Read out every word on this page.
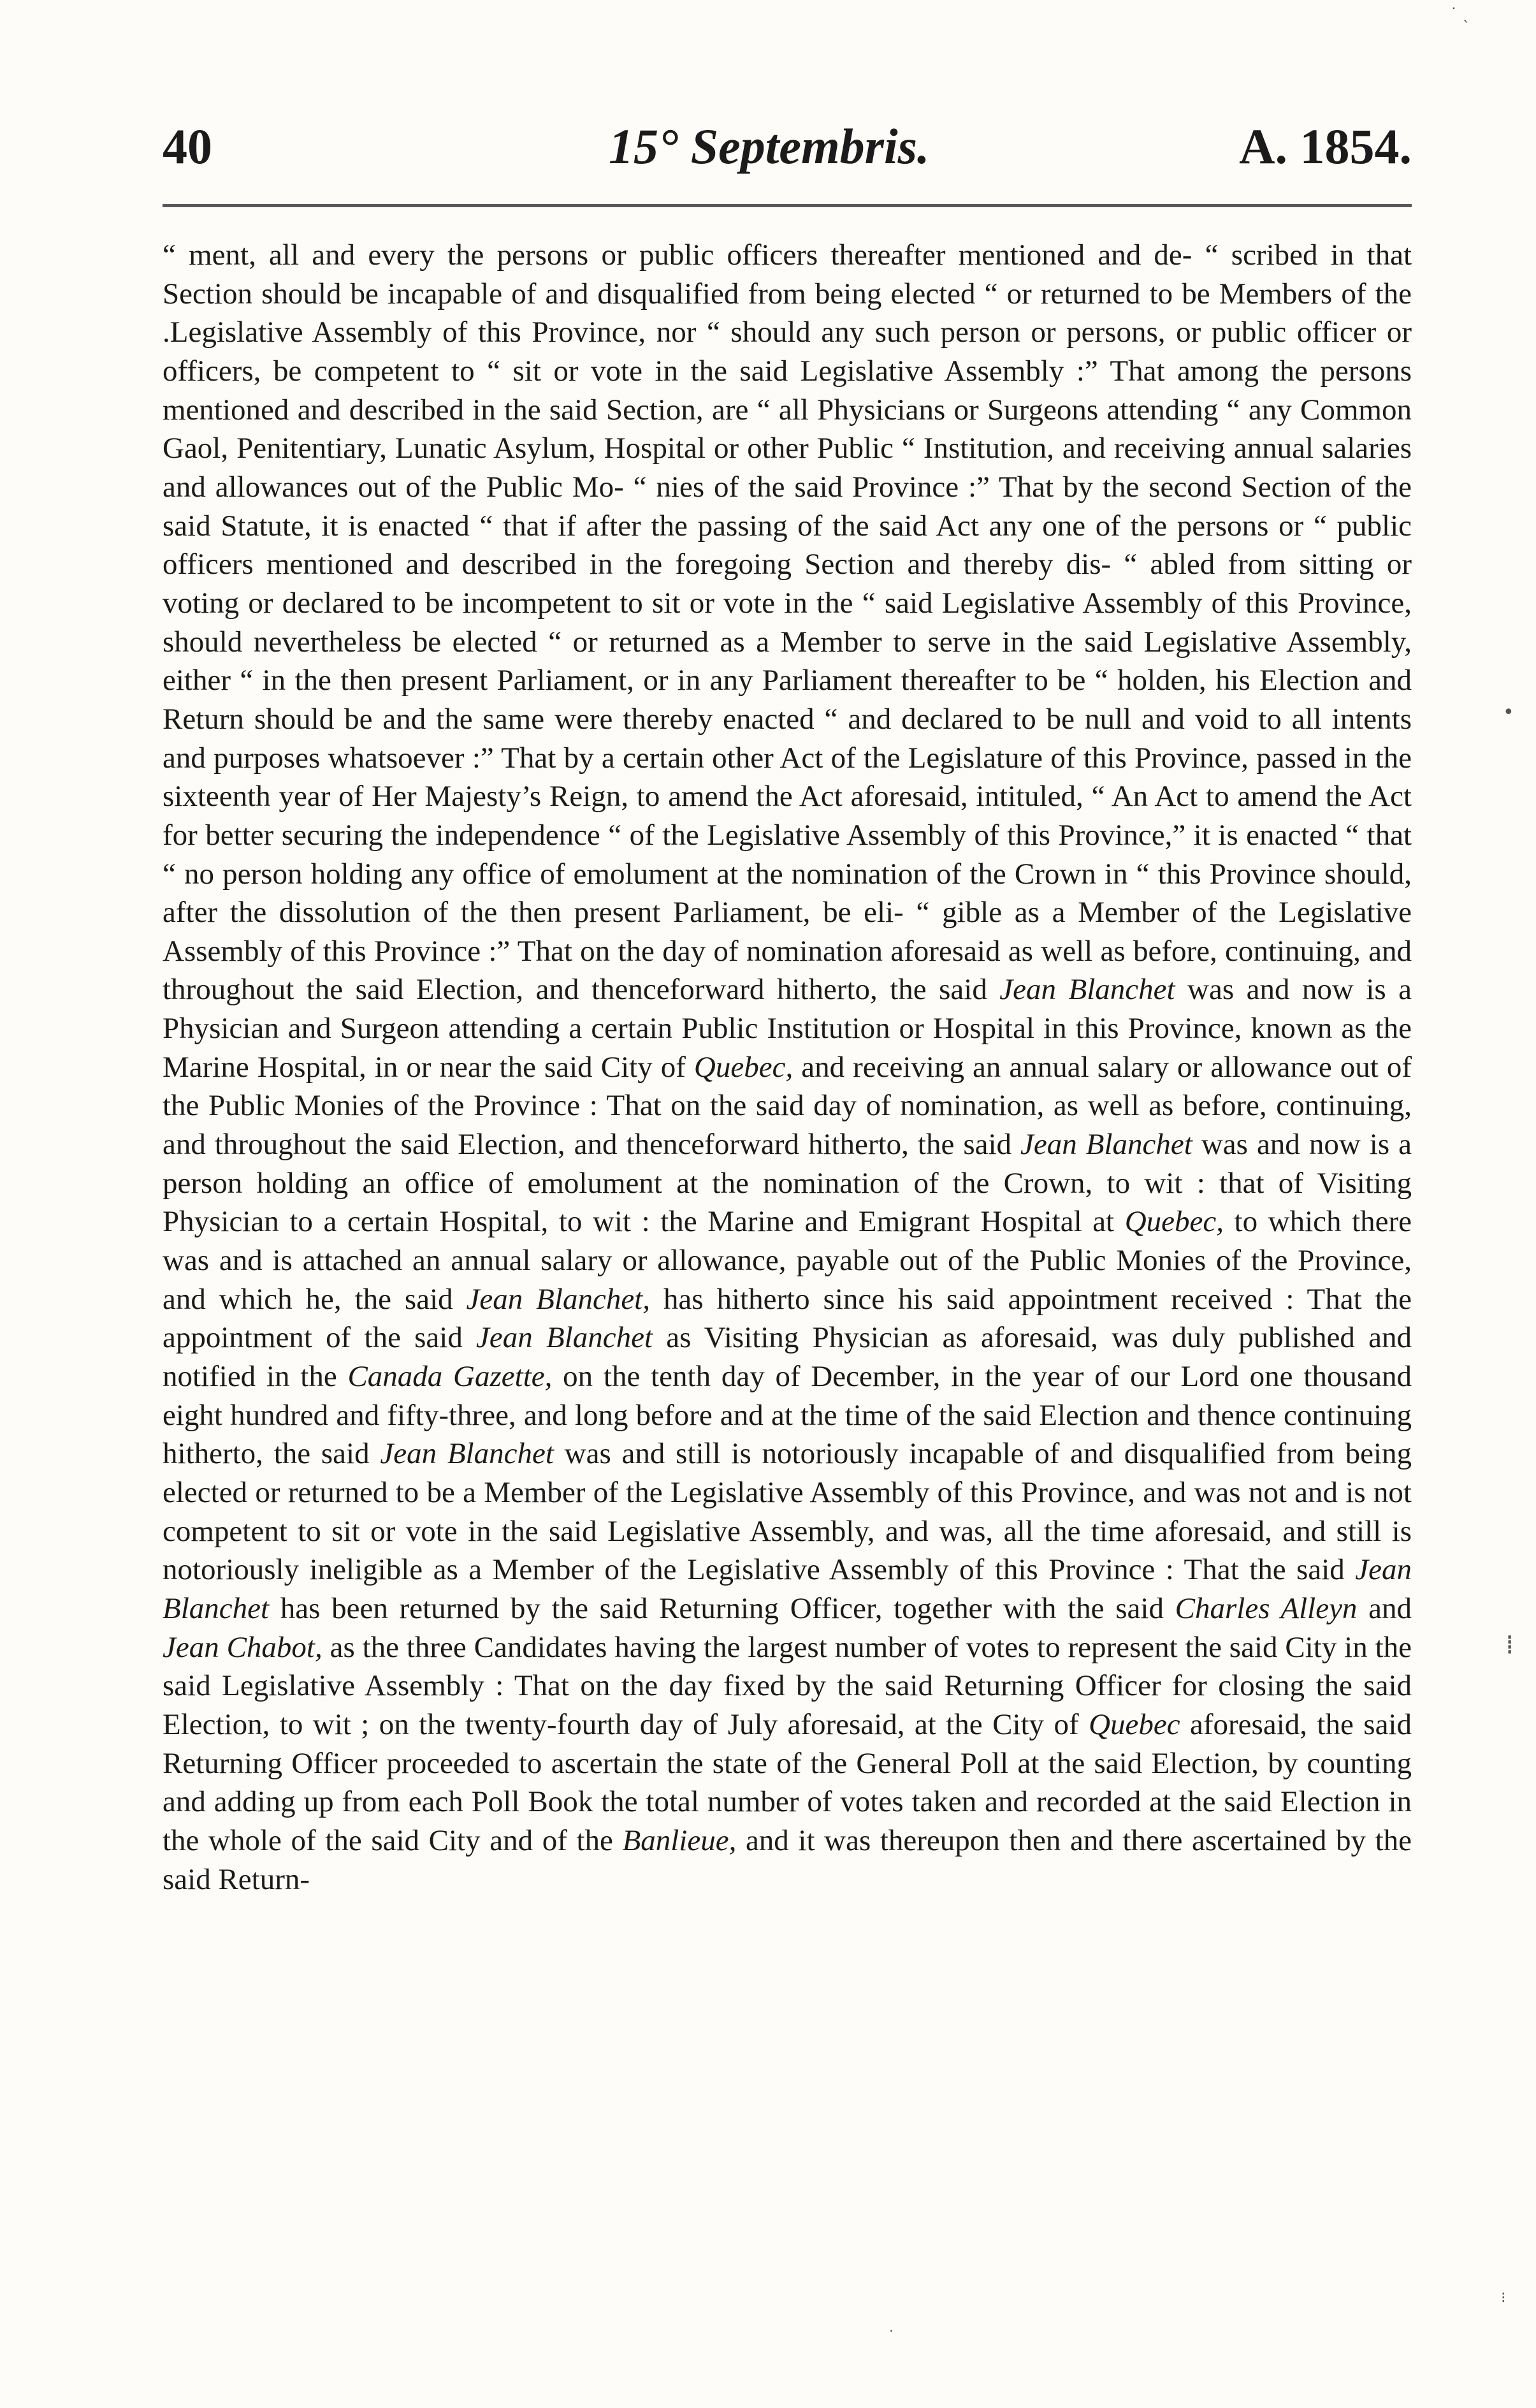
40	15° Septembris.	A. 1854.
“ ment, all and every the persons or public officers thereafter mentioned and de- “ scribed in that Section should be incapable of and disqualified from being elected “ or returned to be Members of the .Legislative Assembly of this Province, nor “ should any such person or persons, or public officer or officers, be competent to “ sit or vote in the said Legislative Assembly :” That among the persons mentioned and described in the said Section, are “ all Physicians or Surgeons attending “ any Common Gaol, Penitentiary, Lunatic Asylum, Hospital or other Public “ Institution, and receiving annual salaries and allowances out of the Public Mo- “ nies of the said Province :” That by the second Section of the said Statute, it is enacted “ that if after the passing of the said Act any one of the persons or “ public officers mentioned and described in the foregoing Section and thereby dis- “ abled from sitting or voting or declared to be incompetent to sit or vote in the “ said Legislative Assembly of this Province, should nevertheless be elected “ or returned as a Member to serve in the said Legislative Assembly, either “ in the then present Parliament, or in any Parliament thereafter to be “ holden, his Election and Return should be and the same were thereby enacted “ and declared to be null and void to all intents and purposes whatsoever :” That by a certain other Act of the Legislature of this Province, passed in the sixteenth year of Her Majesty’s Reign, to amend the Act aforesaid, intituled, “ An Act to amend the Act for better securing the independence “ of the Legislative Assembly of this Province,” it is enacted “ that “ no person holding any office of emolument at the nomination of the Crown in “ this Province should, after the dissolution of the then present Parliament, be eli- “ gible as a Member of the Legislative Assembly of this Province :” That on the day of nomination aforesaid as well as before, continuing, and throughout the said Election, and thenceforward hitherto, the said Jean Blanchet was and now is a Physician and Surgeon attending a certain Public Institution or Hospital in this Province, known as the Marine Hospital, in or near the said City of Quebec, and receiving an annual salary or allowance out of the Public Monies of the Province : That on the said day of nomination, as well as before, continuing, and throughout the said Election, and thenceforward hitherto, the said Jean Blanchet was and now is a person holding an office of emolument at the nomination of the Crown, to wit : that of Visiting Physician to a certain Hospital, to wit : the Marine and Emigrant Hospital at Quebec, to which there was and is attached an annual salary or allowance, payable out of the Public Monies of the Province, and which he, the said Jean Blanchet, has hitherto since his said appointment received : That the appointment of the said Jean Blanchet as Visiting Physician as aforesaid, was duly published and notified in the Canada Gazette, on the tenth day of December, in the year of our Lord one thousand eight hundred and fifty-three, and long before and at the time of the said Election and thence continuing hitherto, the said Jean Blanchet was and still is notoriously incapable of and disqualified from being elected or returned to be a Member of the Legislative Assembly of this Province, and was not and is not competent to sit or vote in the said Legislative Assembly, and was, all the time aforesaid, and still is notoriously ineligible as a Member of the Legislative Assembly of this Province : That the said Jean Blanchet has been returned by the said Returning Officer, together with the said Charles Alleyn and Jean Chabot, as the three Candidates having the largest number of votes to represent the said City in the said Legislative Assembly : That on the day fixed by the said Returning Officer for closing the said Election, to wit ; on the twenty-fourth day of July aforesaid, at the City of Quebec aforesaid, the said Returning Officer proceeded to ascertain the state of the General Poll at the said Election, by counting and adding up from each Poll Book the total number of votes taken and recorded at the said Election in the whole of the said City and of the Banlieue, and it was thereupon then and there ascertained by the said Return-
˙ ˎ
•
⁞
⁝
·
